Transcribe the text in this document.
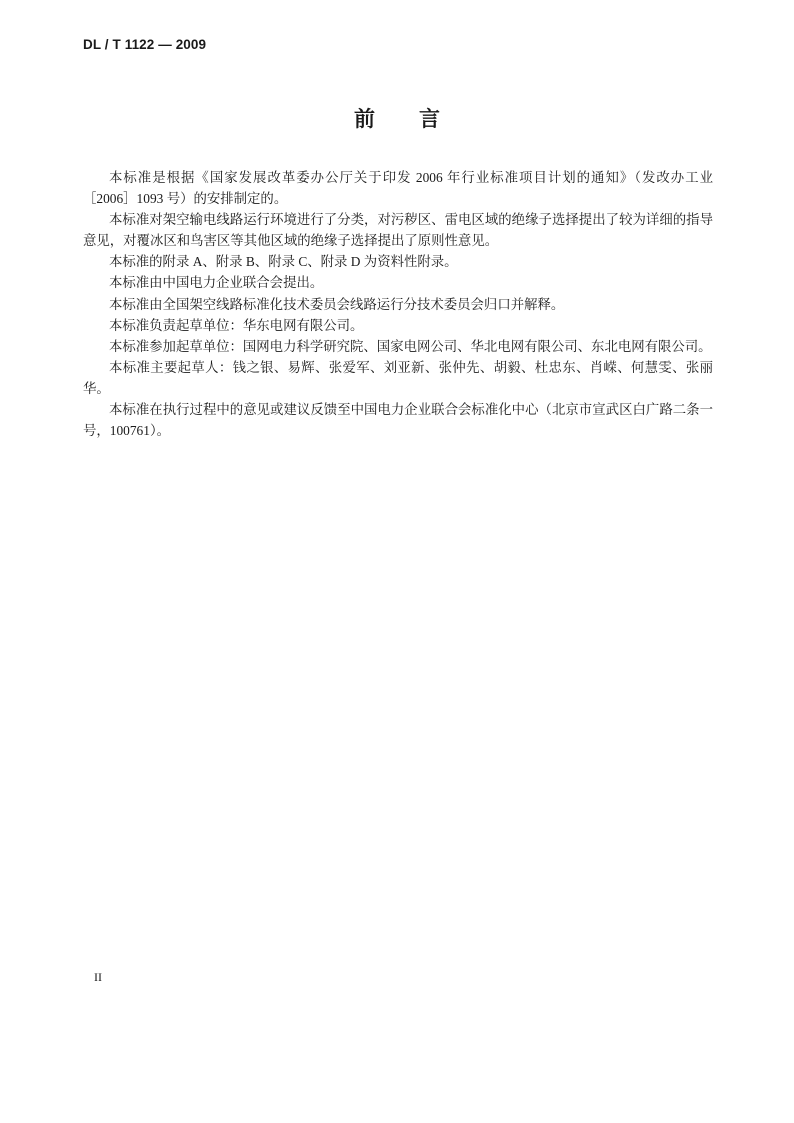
DL / T 1122 — 2009
前言

本标准是根据《国家发展改革委办公厅关于印发 2006 年行业标准项目计划的通知》（发改办工业［2006］1093 号）的安排制定的。

本标准对架空输电线路运行环境进行了分类，对污秽区、雷电区域的绝缘子选择提出了较为详细的指导意见，对覆冰区和鸟害区等其他区域的绝缘子选择提出了原则性意见。

本标准的附录 A、附录 B、附录 C、附录 D 为资料性附录。

本标准由中国电力企业联合会提出。

本标准由全国架空线路标准化技术委员会线路运行分技术委员会归口并解释。

本标准负责起草单位：华东电网有限公司。

本标准参加起草单位：国网电力科学研究院、国家电网公司、华北电网有限公司、东北电网有限公司。

本标准主要起草人：钱之银、易辉、张爱军、刘亚新、张仲先、胡毅、杜忠东、肖嵘、何慧雯、张丽华。

本标准在执行过程中的意见或建议反馈至中国电力企业联合会标准化中心（北京市宣武区白广路二条一号，100761）。

II
